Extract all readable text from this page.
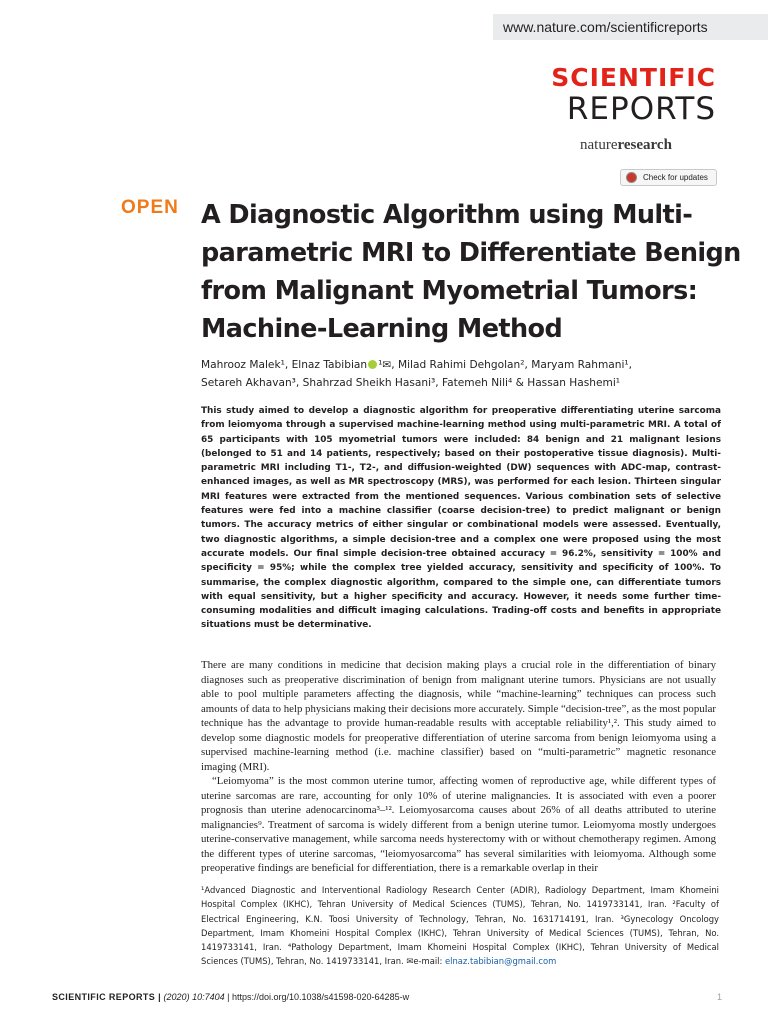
www.nature.com/scientificreports
SCIENTIFIC
REPORTS
natureresearch
Check for updates
OPEN A Diagnostic Algorithm using Multi-parametric MRI to Differentiate Benign from Malignant Myometrial Tumors: Machine-Learning Method
Mahrooz Malek¹, Elnaz Tabibian ¹✉, Milad Rahimi Dehgolan², Maryam Rahmani¹,
Setareh Akhavan³, Shahrzad Sheikh Hasani³, Fatemeh Nili⁴ & Hassan Hashemi¹

This study aimed to develop a diagnostic algorithm for preoperative differentiating uterine sarcoma from leiomyoma through a supervised machine-learning method using multi-parametric MRI. A total of 65 participants with 105 myometrial tumors were included: 84 benign and 21 malignant lesions (belonged to 51 and 14 patients, respectively; based on their postoperative tissue diagnosis). Multi-parametric MRI including T1-, T2-, and diffusion-weighted (DW) sequences with ADC-map, contrast-enhanced images, as well as MR spectroscopy (MRS), was performed for each lesion. Thirteen singular MRI features were extracted from the mentioned sequences. Various combination sets of selective features were fed into a machine classifier (coarse decision-tree) to predict malignant or benign tumors. The accuracy metrics of either singular or combinational models were assessed. Eventually, two diagnostic algorithms, a simple decision-tree and a complex one were proposed using the most accurate models. Our final simple decision-tree obtained accuracy = 96.2%, sensitivity = 100% and specificity = 95%; while the complex tree yielded accuracy, sensitivity and specificity of 100%. To summarise, the complex diagnostic algorithm, compared to the simple one, can differentiate tumors with equal sensitivity, but a higher specificity and accuracy. However, it needs some further time-consuming modalities and difficult imaging calculations. Trading-off costs and benefits in appropriate situations must be determinative.

There are many conditions in medicine that decision making plays a crucial role in the differentiation of binary diagnoses such as preoperative discrimination of benign from malignant uterine tumors. Physicians are not usually able to pool multiple parameters affecting the diagnosis, while “machine-learning” techniques can process such amounts of data to help physicians making their decisions more accurately. Simple “decision-tree”, as the most popular technique has the advantage to provide human-readable results with acceptable reliability¹,². This study aimed to develop some diagnostic models for preoperative differentiation of uterine sarcoma from benign leiomyoma using a supervised machine-learning method (i.e. machine classifier) based on “multi-parametric” magnetic resonance imaging (MRI).

“Leiomyoma” is the most common uterine tumor, affecting women of reproductive age, while different types of uterine sarcomas are rare, accounting for only 10% of uterine malignancies. It is associated with even a poorer prognosis than uterine adenocarcinoma³–¹². Leiomyosarcoma causes about 26% of all deaths attributed to uterine malignancies⁹. Treatment of sarcoma is widely different from a benign uterine tumor. Leiomyoma mostly undergoes uterine-conservative management, while sarcoma needs hysterectomy with or without chemotherapy regimen. Among the different types of uterine sarcomas, “leiomyosarcoma” has several similarities with leiomyoma. Although some preoperative findings are beneficial for differentiation, there is a remarkable overlap in their

¹Advanced Diagnostic and Interventional Radiology Research Center (ADIR), Radiology Department, Imam Khomeini Hospital Complex (IKHC), Tehran University of Medical Sciences (TUMS), Tehran, No. 1419733141, Iran. ²Faculty of Electrical Engineering, K.N. Toosi University of Technology, Tehran, No. 1631714191, Iran. ³Gynecology Oncology Department, Imam Khomeini Hospital Complex (IKHC), Tehran University of Medical Sciences (TUMS), Tehran, No. 1419733141, Iran. ⁴Pathology Department, Imam Khomeini Hospital Complex (IKHC), Tehran University of Medical Sciences (TUMS), Tehran, No. 1419733141, Iran. ✉e-mail: elnaz.tabibian@gmail.com
SCIENTIFIC REPORTS | (2020) 10:7404 | https://doi.org/10.1038/s41598-020-64285-w	1
